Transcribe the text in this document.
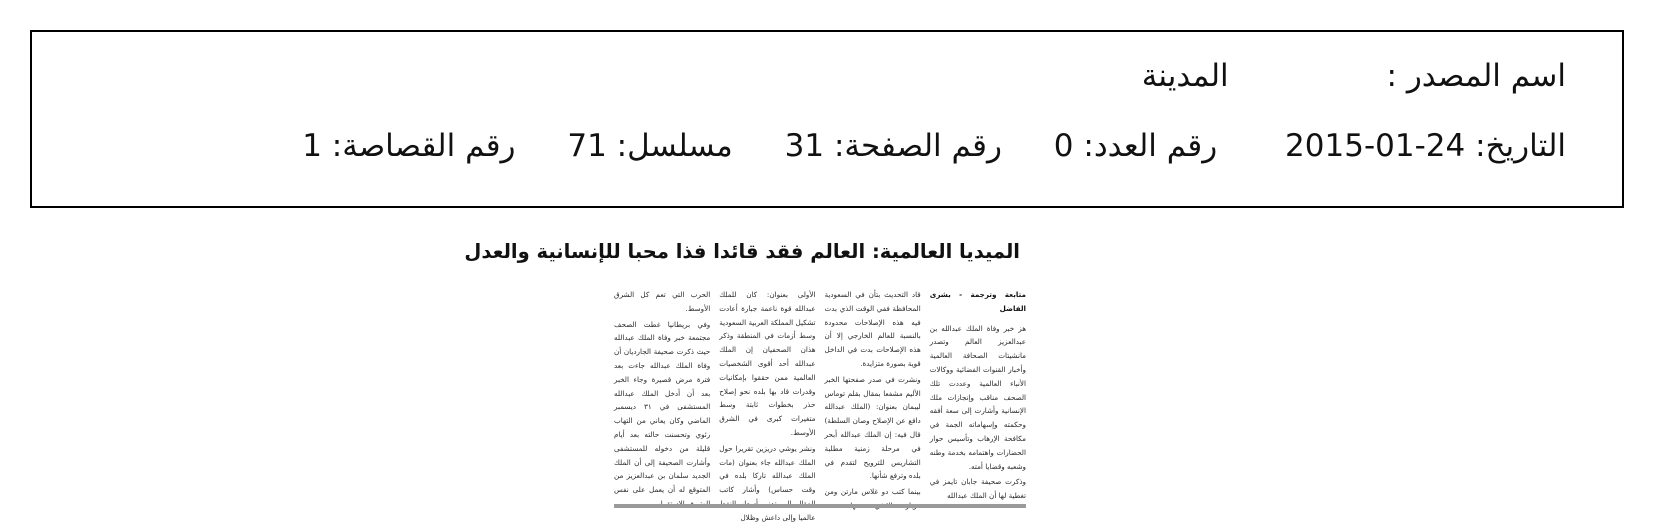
اسم المصدر : المدينة
التاريخ: 24-01-2015 رقم العدد: 0 رقم الصفحة: 31 مسلسل: 71 رقم القصاصة: 1
الميديا العالمية: العالم فقد قائدا فذا محبا للإنسانية والعدل

متابعة وترجمة - بشرى الفاضل

هز خبر وفاة الملك عبدالله بن عبدالعزيز العالم وتصدر مانشيتات الصحافة العالمية وأخبار القنوات الفضائية ووكالات الأنباء العالمية وعددت تلك الصحف مناقب وإنجازات ملك الإنسانية وأشارت إلى سعة أفقه وحكمته وإسهاماته الجمة في مكافحة الإرهاب وتأسيس حوار الحضارات واهتمامه بخدمة وطنه وشعبه وقضايا أمته.

وذكرت صحيفة جابان تايمز في تغطية لها أن الملك عبدالله

قاد التحديث بتأن في السعودية المحافظة ففي الوقت الذي بدت فيه هذه الإصلاحات محدودة بالنسبة للعالم الخارجي إلا أن هذه الإصلاحات بدت في الداخل قوية بصورة متزايدة.

ونشرت في صدر صفحتها الخبر الأليم مشفعا بمقال بقلم توماس ليبمان بعنوان: (الملك عبدالله دافع عن الإصلاح وصان السلطة) قال فيه: إن الملك عبدالله أبحر في مرحلة زمنية مطلبة التشاريس للترويح لتقدم في بلده وترفع شأنها.

بينما كتب دو غلاس مارتن ومن

الأولى بعنوان: كان للملك عبدالله قوة ناعمة جبارة أعادت تشكيل المملكة العربية السعودية وسط أزمات في المنطقة وذكر هذان الصحفيان إن الملك عبدالله أحد أقوى الشخصيات العالمية ممن حققوا بإمكانيات وقدرات قاد بها بلده نحو إصلاح حذر بخطوات ثابتة وسط متغيرات كبرى في الشرق الأوسط.

ونشر يوشي دريزين تقريرا حول الملك عبدالله جاء بعنوان (مات الملك عبدالله تاركا بلده في وقت حساس) وأشار كاتب عالميا وإلى داعش وظلال

الحرب التي تعم كل الشرق الأوسط.

وفي بريطانيا غطت الصحف مجتمعة خبر وفاة الملك عبدالله حيث ذكرت صحيفة الجارديان أن وفاة الملك عبدالله جاءت بعد فترة مرض قصيرة وجاء الخبر بعد أن أدخل الملك عبدالله المستشفى في ٣١ ديسمبر الماضي وكان يعاني من التهاب رئوي وتحسنت حالته بعد أيام قليلة من دخوله للمستشفى وأشارت الصحيفة إلى أن الملك الجديد سلمان بن عبدالعزيز من المتوقع له أن يعمل على نفس
